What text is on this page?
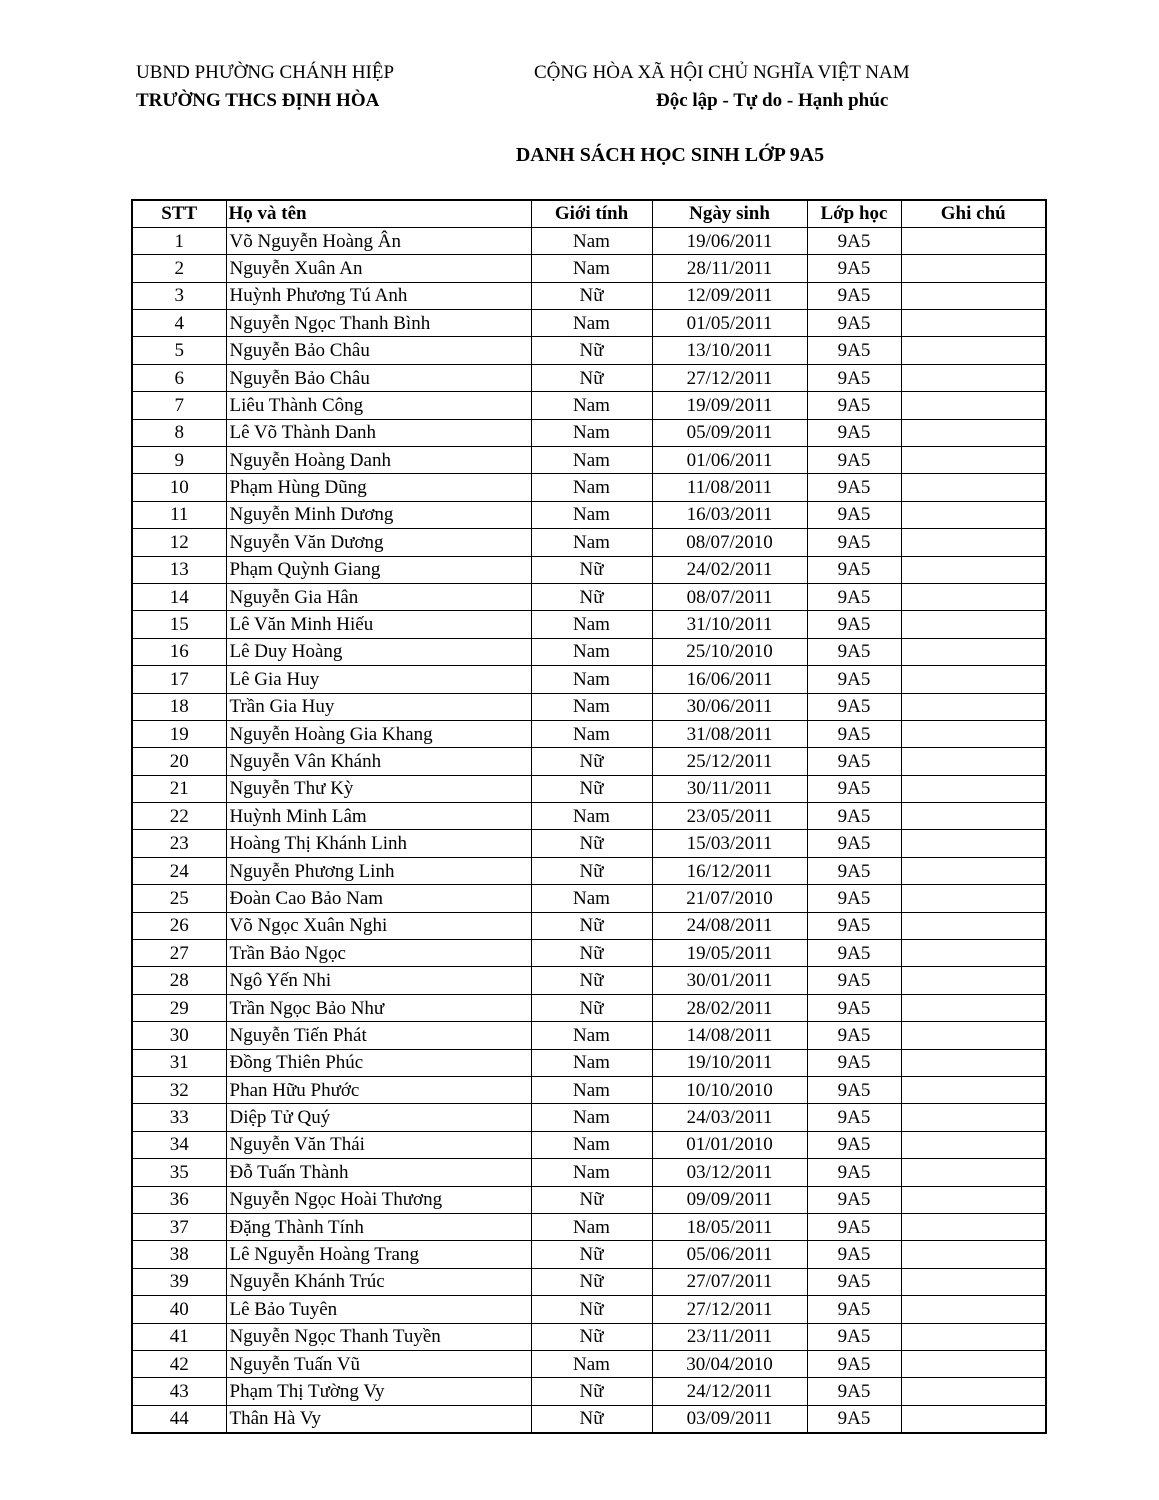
UBND PHƯỜNG CHÁNH HIỆP
TRƯỜNG THCS ĐỊNH HÒA
CỘNG HÒA XÃ HỘI CHỦ NGHĨA VIỆT NAM
Độc lập - Tự do - Hạnh phúc
DANH SÁCH HỌC SINH LỚP 9A5
STT	Họ và tên	Giới tính	Ngày sinh	Lớp học	Ghi chú
1	Võ Nguyễn Hoàng Ân	Nam	19/06/2011	9A5	
2	Nguyễn Xuân An	Nam	28/11/2011	9A5	
3	Huỳnh Phương Tú Anh	Nữ	12/09/2011	9A5	
4	Nguyễn Ngọc Thanh Bình	Nam	01/05/2011	9A5	
5	Nguyễn Bảo Châu	Nữ	13/10/2011	9A5	
6	Nguyễn Bảo Châu	Nữ	27/12/2011	9A5	
7	Liêu Thành Công	Nam	19/09/2011	9A5	
8	Lê Võ Thành Danh	Nam	05/09/2011	9A5	
9	Nguyễn Hoàng Danh	Nam	01/06/2011	9A5	
10	Phạm Hùng Dũng	Nam	11/08/2011	9A5	
11	Nguyễn Minh Dương	Nam	16/03/2011	9A5	
12	Nguyễn Văn Dương	Nam	08/07/2010	9A5	
13	Phạm Quỳnh Giang	Nữ	24/02/2011	9A5	
14	Nguyễn Gia Hân	Nữ	08/07/2011	9A5	
15	Lê Văn Minh Hiếu	Nam	31/10/2011	9A5	
16	Lê Duy Hoàng	Nam	25/10/2010	9A5	
17	Lê Gia Huy	Nam	16/06/2011	9A5	
18	Trần Gia Huy	Nam	30/06/2011	9A5	
19	Nguyễn Hoàng Gia Khang	Nam	31/08/2011	9A5	
20	Nguyễn Vân Khánh	Nữ	25/12/2011	9A5	
21	Nguyễn Thư Kỳ	Nữ	30/11/2011	9A5	
22	Huỳnh Minh Lâm	Nam	23/05/2011	9A5	
23	Hoàng Thị Khánh Linh	Nữ	15/03/2011	9A5	
24	Nguyễn Phương Linh	Nữ	16/12/2011	9A5	
25	Đoàn Cao Bảo Nam	Nam	21/07/2010	9A5	
26	Võ Ngọc Xuân Nghi	Nữ	24/08/2011	9A5	
27	Trần Bảo Ngọc	Nữ	19/05/2011	9A5	
28	Ngô Yến Nhi	Nữ	30/01/2011	9A5	
29	Trần Ngọc Bảo Như	Nữ	28/02/2011	9A5	
30	Nguyễn Tiến Phát	Nam	14/08/2011	9A5	
31	Đồng Thiên Phúc	Nam	19/10/2011	9A5	
32	Phan Hữu Phước	Nam	10/10/2010	9A5	
33	Diệp Tử Quý	Nam	24/03/2011	9A5	
34	Nguyễn Văn Thái	Nam	01/01/2010	9A5	
35	Đỗ Tuấn Thành	Nam	03/12/2011	9A5	
36	Nguyễn Ngọc Hoài Thương	Nữ	09/09/2011	9A5	
37	Đặng Thành Tính	Nam	18/05/2011	9A5	
38	Lê Nguyễn Hoàng Trang	Nữ	05/06/2011	9A5	
39	Nguyễn Khánh Trúc	Nữ	27/07/2011	9A5	
40	Lê Bảo Tuyên	Nữ	27/12/2011	9A5	
41	Nguyễn Ngọc Thanh Tuyền	Nữ	23/11/2011	9A5	
42	Nguyễn Tuấn Vũ	Nam	30/04/2010	9A5	
43	Phạm Thị Tường Vy	Nữ	24/12/2011	9A5	
44	Thân Hà Vy	Nữ	03/09/2011	9A5	
